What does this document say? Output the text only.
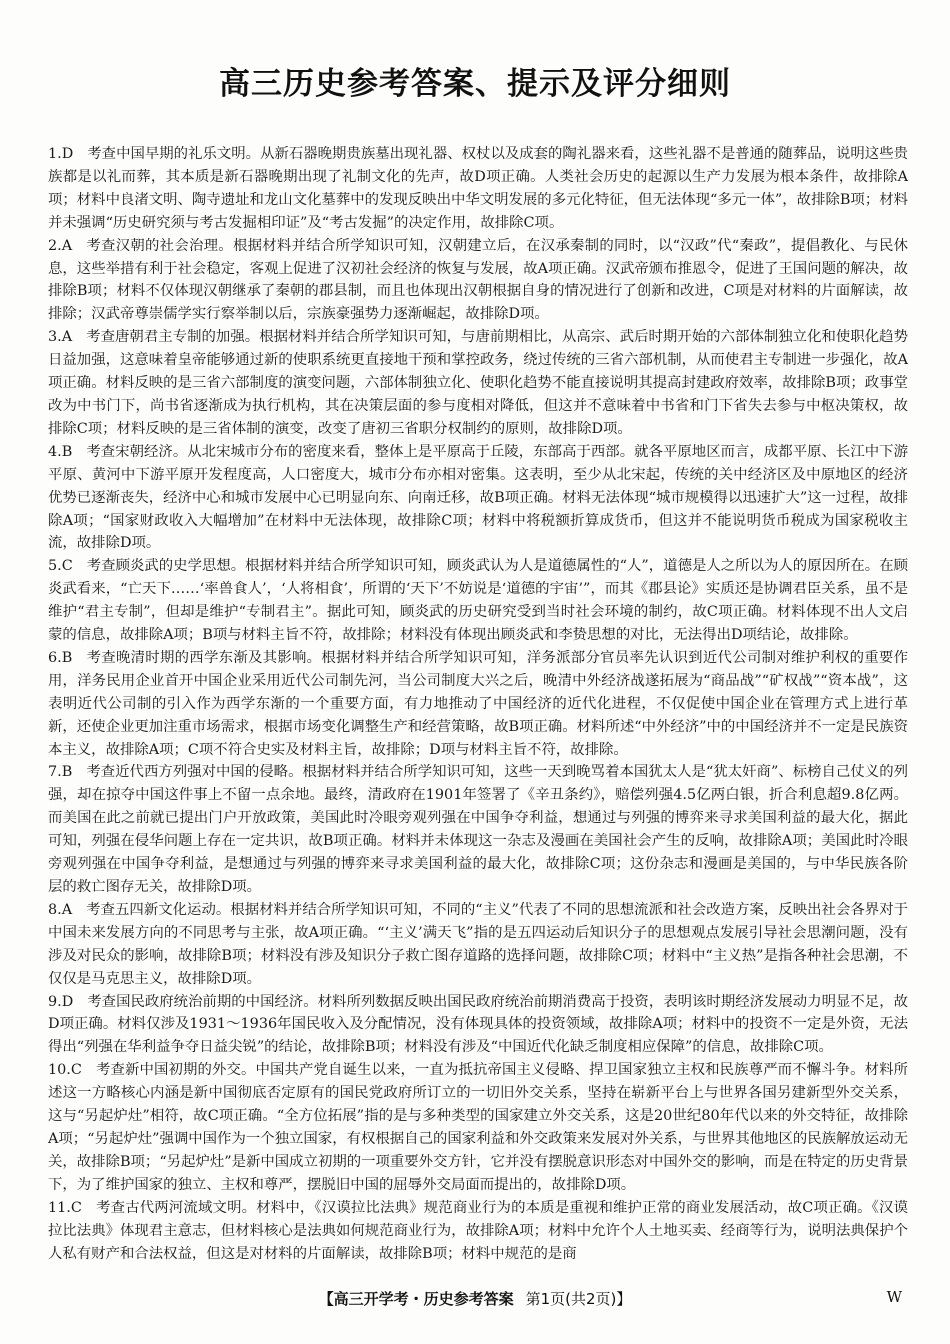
高三历史参考答案、提示及评分细则

1.D 考查中国早期的礼乐文明。从新石器晚期贵族墓出现礼器、权杖以及成套的陶礼器来看，这些礼器不是普通的随葬品，说明这些贵族都是以礼而葬，其本质是新石器晚期出现了礼制文化的先声，故D项正确。人类社会历史的起源以生产力发展为根本条件，故排除A项；材料中良渚文明、陶寺遗址和龙山文化墓葬中的发现反映出中华文明发展的多元化特征，但无法体现“多元一体”，故排除B项；材料并未强调“历史研究须与考古发掘相印证”及“考古发掘”的决定作用，故排除C项。

2.A 考查汉朝的社会治理。根据材料并结合所学知识可知，汉朝建立后，在汉承秦制的同时，以“汉政”代“秦政”，提倡教化、与民休息，这些举措有利于社会稳定，客观上促进了汉初社会经济的恢复与发展，故A项正确。汉武帝颁布推恩令，促进了王国问题的解决，故排除B项；材料不仅体现汉朝继承了秦朝的郡县制，而且也体现出汉朝根据自身的情况进行了创新和改进，C项是对材料的片面解读，故排除；汉武帝尊崇儒学实行察举制以后，宗族豪强势力逐渐崛起，故排除D项。

3.A 考查唐朝君主专制的加强。根据材料并结合所学知识可知，与唐前期相比，从高宗、武后时期开始的六部体制独立化和使职化趋势日益加强，这意味着皇帝能够通过新的使职系统更直接地干预和掌控政务，绕过传统的三省六部机制，从而使君主专制进一步强化，故A项正确。材料反映的是三省六部制度的演变问题，六部体制独立化、使职化趋势不能直接说明其提高封建政府效率，故排除B项；政事堂改为中书门下，尚书省逐渐成为执行机构，其在决策层面的参与度相对降低，但这并不意味着中书省和门下省失去参与中枢决策权，故排除C项；材料反映的是三省体制的演变，改变了唐初三省职分权制约的原则，故排除D项。

4.B 考查宋朝经济。从北宋城市分布的密度来看，整体上是平原高于丘陵，东部高于西部。就各平原地区而言，成都平原、长江中下游平原、黄河中下游平原开发程度高，人口密度大，城市分布亦相对密集。这表明，至少从北宋起，传统的关中经济区及中原地区的经济优势已逐渐丧失，经济中心和城市发展中心已明显向东、向南迁移，故B项正确。材料无法体现“城市规模得以迅速扩大”这一过程，故排除A项；“国家财政收入大幅增加”在材料中无法体现，故排除C项；材料中将税额折算成货币，但这并不能说明货币税成为国家税收主流，故排除D项。

5.C 考查顾炎武的史学思想。根据材料并结合所学知识可知，顾炎武认为人是道德属性的“人”，道德是人之所以为人的原因所在。在顾炎武看来，“亡天下……‘率兽食人’，‘人将相食’，所谓的‘天下’不妨说是‘道德的宇宙’”，而其《郡县论》实质还是协调君臣关系，虽不是维护“君主专制”，但却是维护“专制君主”。据此可知，顾炎武的历史研究受到当时社会环境的制约，故C项正确。材料体现不出人文启蒙的信息，故排除A项；B项与材料主旨不符，故排除；材料没有体现出顾炎武和李贽思想的对比，无法得出D项结论，故排除。

6.B 考查晚清时期的西学东渐及其影响。根据材料并结合所学知识可知，洋务派部分官员率先认识到近代公司制对维护利权的重要作用，洋务民用企业首开中国企业采用近代公司制先河，当公司制度大兴之后，晚清中外经济战遂拓展为“商品战”“矿权战”“资本战”，这表明近代公司制的引入作为西学东渐的一个重要方面，有力地推动了中国经济的近代化进程，不仅促使中国企业在管理方式上进行革新，还使企业更加注重市场需求，根据市场变化调整生产和经营策略，故B项正确。材料所述“中外经济”中的中国经济并不一定是民族资本主义，故排除A项；C项不符合史实及材料主旨，故排除；D项与材料主旨不符，故排除。

7.B 考查近代西方列强对中国的侵略。根据材料并结合所学知识可知，这些一天到晚骂着本国犹太人是“犹太奸商”、标榜自己仗义的列强，却在掠夺中国这件事上不留一点余地。最终，清政府在1901年签署了《辛丑条约》，赔偿列强4.5亿两白银，折合利息超9.8亿两。而美国在此之前就已提出门户开放政策，美国此时冷眼旁观列强在中国争夺利益，想通过与列强的博弈来寻求美国利益的最大化，据此可知，列强在侵华问题上存在一定共识，故B项正确。材料并未体现这一杂志及漫画在美国社会产生的反响，故排除A项；美国此时冷眼旁观列强在中国争夺利益，是想通过与列强的博弈来寻求美国利益的最大化，故排除C项；这份杂志和漫画是美国的，与中华民族各阶层的救亡图存无关，故排除D项。

8.A 考查五四新文化运动。根据材料并结合所学知识可知，不同的“主义”代表了不同的思想流派和社会改造方案，反映出社会各界对于中国未来发展方向的不同思考与主张，故A项正确。“‘主义’满天飞”指的是五四运动后知识分子的思想观点发展引导社会思潮问题，没有涉及对民众的影响，故排除B项；材料没有涉及知识分子救亡图存道路的选择问题，故排除C项；材料中“主义热”是指各种社会思潮，不仅仅是马克思主义，故排除D项。

9.D 考查国民政府统治前期的中国经济。材料所列数据反映出国民政府统治前期消费高于投资，表明该时期经济发展动力明显不足，故D项正确。材料仅涉及1931～1936年国民收入及分配情况，没有体现具体的投资领域，故排除A项；材料中的投资不一定是外资，无法得出“列强在华利益争夺日益尖锐”的结论，故排除B项；材料没有涉及“中国近代化缺乏制度相应保障”的信息，故排除C项。

10.C 考查新中国初期的外交。中国共产党自诞生以来，一直为抵抗帝国主义侵略、捍卫国家独立主权和民族尊严而不懈斗争。材料所述这一方略核心内涵是新中国彻底否定原有的国民党政府所订立的一切旧外交关系，坚持在崭新平台上与世界各国另建新型外交关系，这与“另起炉灶”相符，故C项正确。“全方位拓展”指的是与多种类型的国家建立外交关系，这是20世纪80年代以来的外交特征，故排除A项；“另起炉灶”强调中国作为一个独立国家，有权根据自己的国家利益和外交政策来发展对外关系，与世界其他地区的民族解放运动无关，故排除B项；“另起炉灶”是新中国成立初期的一项重要外交方针，它并没有摆脱意识形态对中国外交的影响，而是在特定的历史背景下，为了维护国家的独立、主权和尊严，摆脱旧中国的屈辱外交局面而提出的，故排除D项。

11.C 考查古代两河流域文明。材料中，《汉谟拉比法典》规范商业行为的本质是重视和维护正常的商业发展活动，故C项正确。《汉谟拉比法典》体现君主意志，但材料核心是法典如何规范商业行为，故排除A项；材料中允许个人土地买卖、经商等行为，说明法典保护个人私有财产和合法权益，但这是对材料的片面解读，故排除B项；材料中规范的是商

【高三开学考・历史参考答案 第1页(共2页)】	W
